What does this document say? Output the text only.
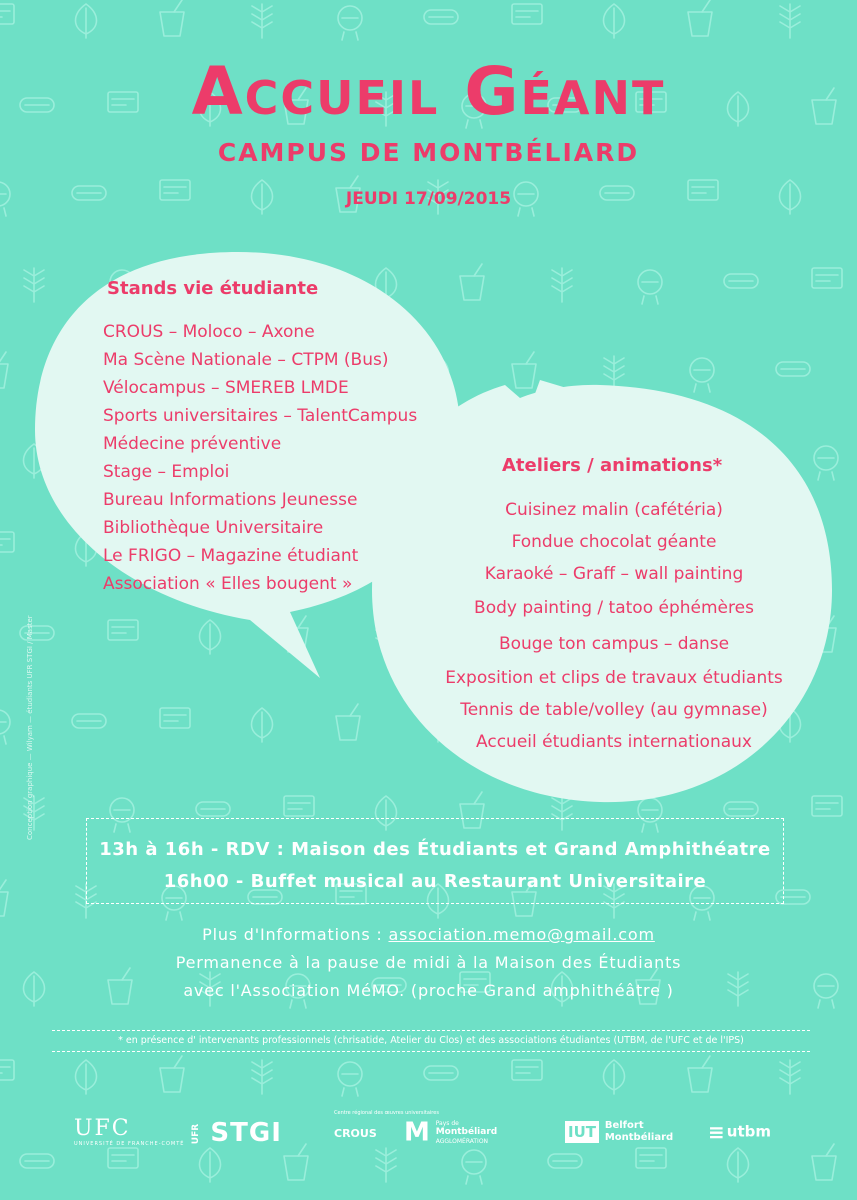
Accueil Géant
CAMPUS DE MONTBÉLIARD
JEUDI 17/09/2015
Stands vie étudiante
CROUS – Moloco – Axone
Ma Scène Nationale – CTPM (Bus)
Vélocampus – SMEREB LMDE
Sports universitaires – TalentCampus
Médecine préventive
Stage – Emploi
Bureau Informations Jeunesse
Bibliothèque Universitaire
Le FRIGO – Magazine étudiant
Association « Elles bougent »
Ateliers / animations*
Cuisinez malin (cafétéria)
Fondue chocolat géante
Karaoké – Graff – wall painting
Body painting / tatoo éphémères
Bouge ton campus – danse
Exposition et clips de travaux étudiants
Tennis de table/volley (au gymnase)
Accueil étudiants internationaux
13h à 16h - RDV : Maison des Étudiants et Grand Amphithéatre
16h00 - Buffet musical au Restaurant Universitaire
Plus d'Informations : association.memo@gmail.com
Permanence à la pause de midi à la Maison des Étudiants
avec l'Association MéMO. (proche Grand amphithéâtre )
* en présence d' intervenants professionnels (chrisatide, Atelier du Clos) et des associations étudiantes (UTBM, de l'UFC et de l'IPS)
Conception graphique — Wilyam — étudiants UFR STGI / Master
UFC
UNIVERSITÉ DE FRANCHE-COMTÉ
UFR STGI
Centre régional des œuvres universitaires
CROUS M Pays de
Montbéliard
AGGLOMÉRATION
IUT Belfort
Montbéliard ≡ utbm
